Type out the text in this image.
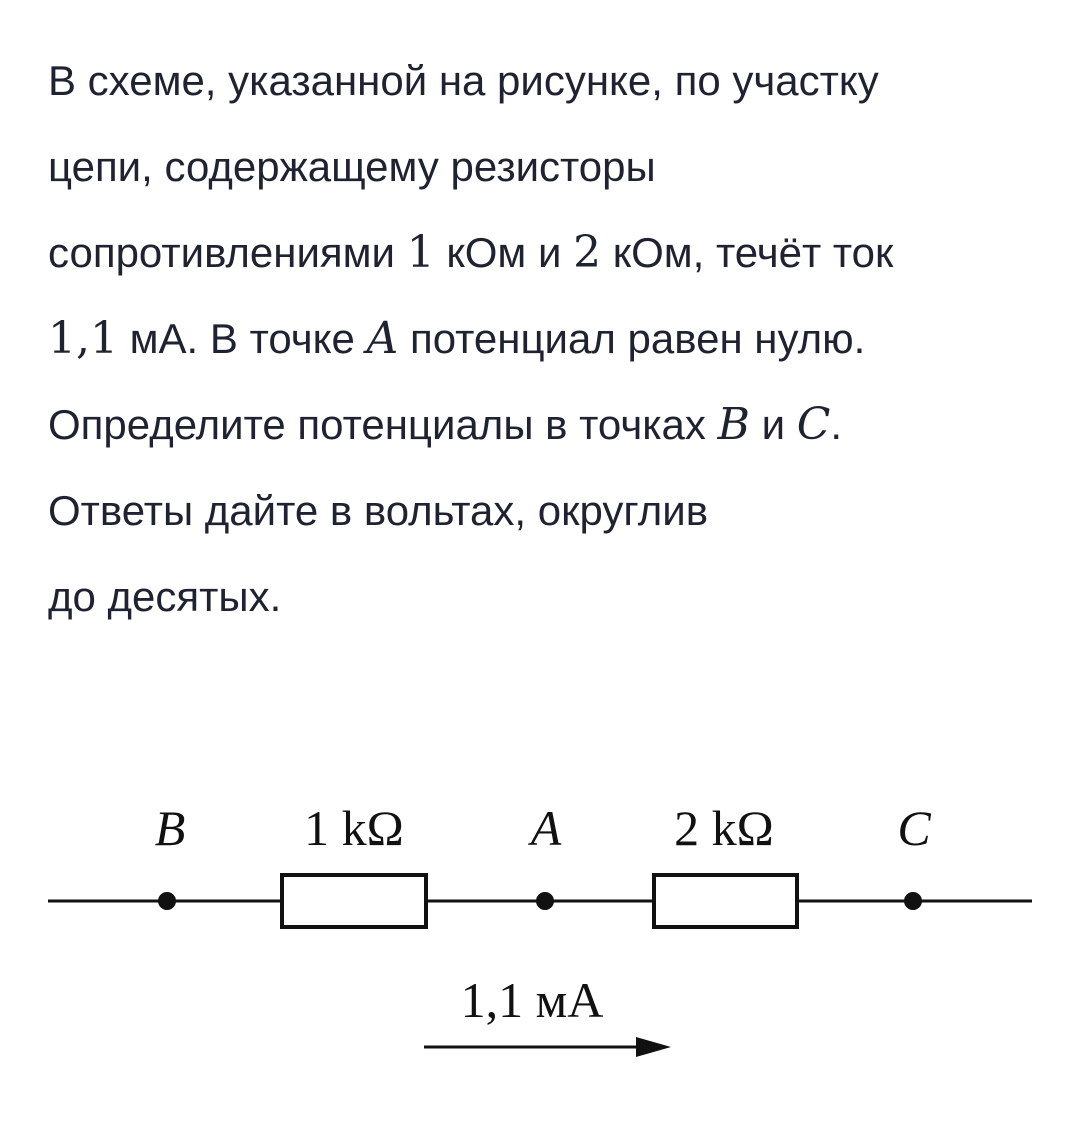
В схеме, указанной на рисунке, по участку
цепи, содержащему резисторы
сопротивлениями 1 кОм и 2 кОм, течёт ток
1,1 мА. В точке A потенциал равен нулю.
Определите потенциалы в точках B и C.
Ответы дайте в вольтах, округлив
до десятых.
B 1 kΩ	A 2 kΩ C
1,1 мА
